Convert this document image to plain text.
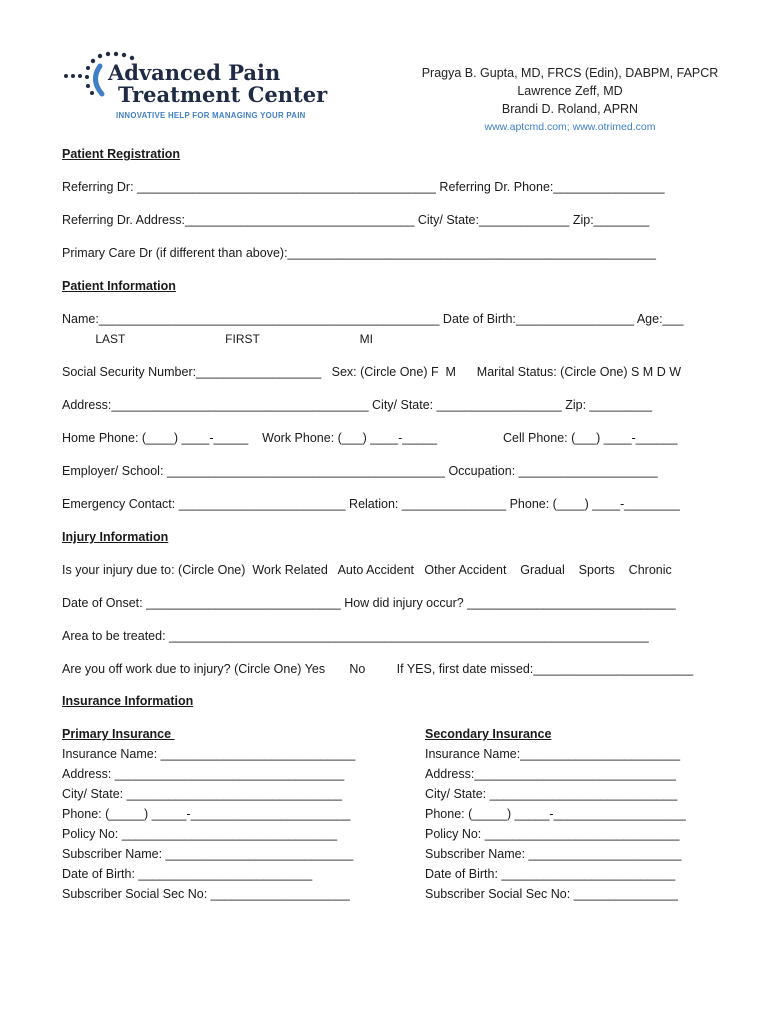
Advanced Pain
Treatment Center
INNOVATIVE HELP FOR MANAGING YOUR PAIN
Pragya B. Gupta, MD, FRCS (Edin), DABPM, FAPCR
Lawrence Zeff, MD
Brandi D. Roland, APRN
www.aptcmd.com; www.otrimed.com
Patient Registration
Referring Dr: ___________________________________________ Referring Dr. Phone:________________
Referring Dr. Address:_________________________________ City/ State:_____________ Zip:________
Primary Care Dr (if different than above):_____________________________________________________
Patient Information
Name:_________________________________________________ Date of Birth:_________________ Age:___
LAST                              FIRST                              MI
Social Security Number:__________________   Sex: (Circle One) F  M      Marital Status: (Circle One) S M D W
Address:_____________________________________ City/ State: __________________ Zip: _________
Home Phone: (____) ____-_____    Work Phone: (___) ____-_____                   Cell Phone: (___) ____-______
Employer/ School: ________________________________________ Occupation: ____________________
Emergency Contact: ________________________ Relation: _______________ Phone: (____) ____-________
Injury Information
Is your injury due to: (Circle One)  Work Related   Auto Accident   Other Accident    Gradual    Sports    Chronic
Date of Onset: ____________________________ How did injury occur? ______________________________
Area to be treated: _____________________________________________________________________
Are you off work due to injury? (Circle One) Yes       No         If YES, first date missed:_______________________
Insurance Information
Primary Insurance
Insurance Name: ____________________________
Address: _________________________________
City/ State: _______________________________
Phone: (_____) _____-_______________________
Policy No: _______________________________
Subscriber Name: ___________________________
Date of Birth: _________________________
Subscriber Social Sec No: ____________________
Secondary Insurance
Insurance Name:_______________________
Address:_____________________________
City/ State: ___________________________
Phone: (_____) _____-___________________
Policy No: ____________________________
Subscriber Name: ______________________
Date of Birth: _________________________
Subscriber Social Sec No: _______________
